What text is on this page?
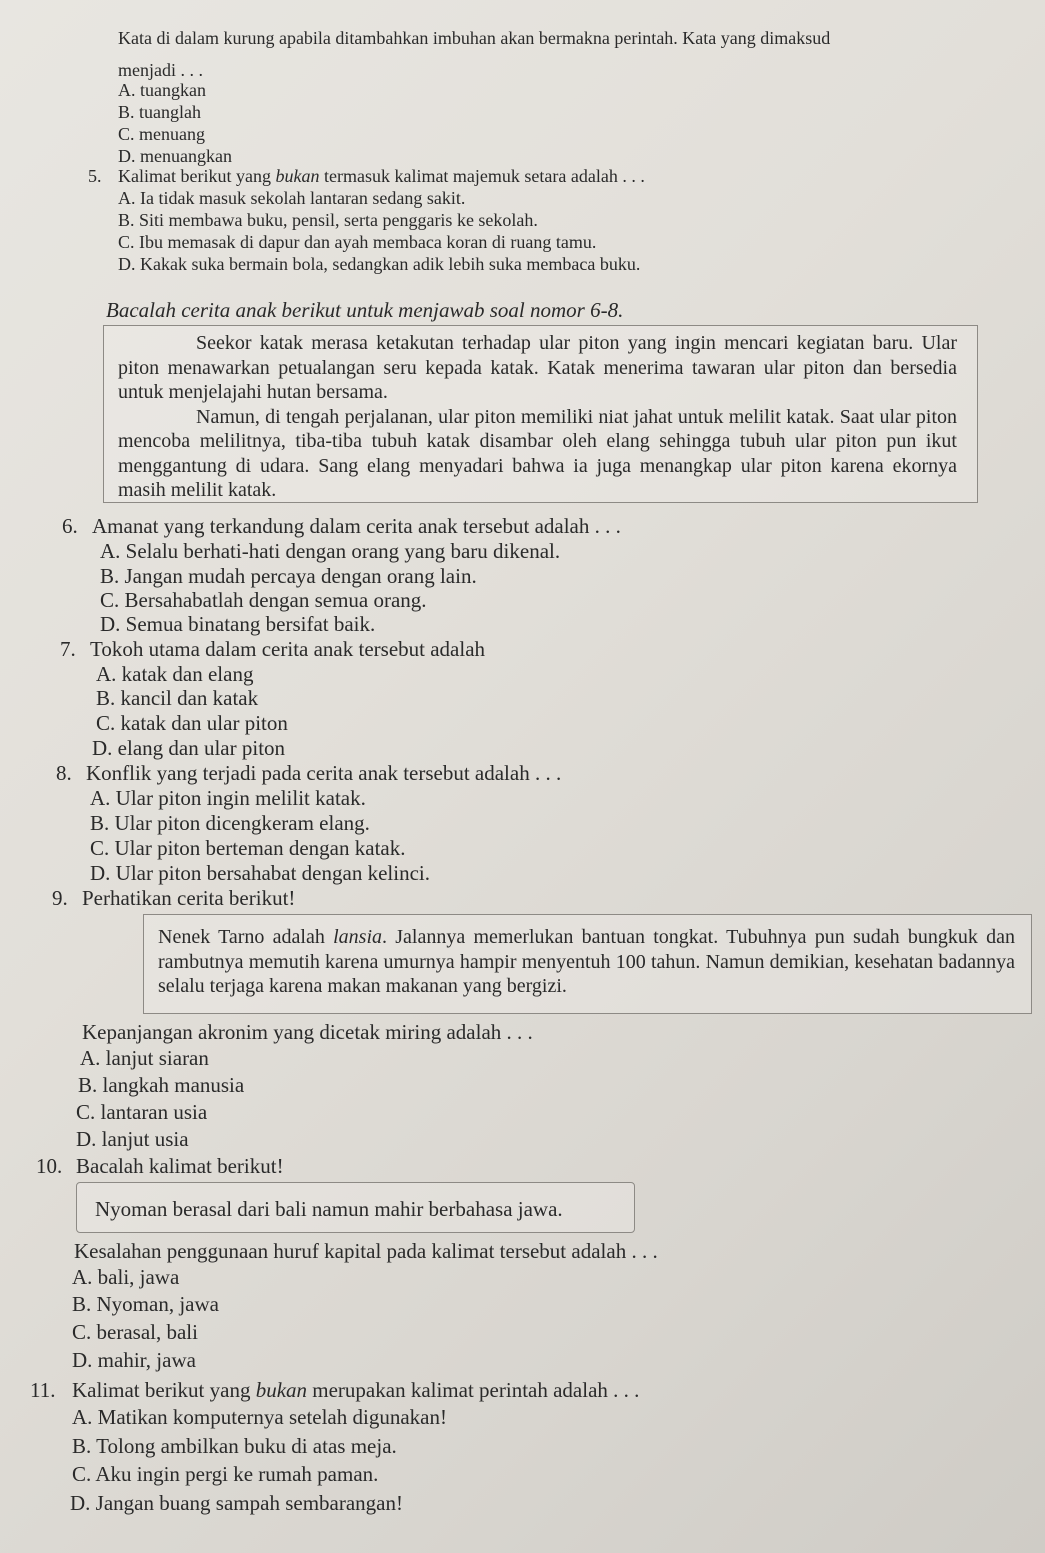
Kata di dalam kurung apabila ditambahkan imbuhan akan bermakna perintah. Kata yang dimaksud
menjadi . . .
A. tuangkan
B. tuanglah
C. menuang
D. menuangkan
5. Kalimat berikut yang bukan termasuk kalimat majemuk setara adalah . . .
A. Ia tidak masuk sekolah lantaran sedang sakit.
B. Siti membawa buku, pensil, serta penggaris ke sekolah.
C. Ibu memasak di dapur dan ayah membaca koran di ruang tamu.
D. Kakak suka bermain bola, sedangkan adik lebih suka membaca buku.
Bacalah cerita anak berikut untuk menjawab soal nomor 6-8.

Seekor katak merasa ketakutan terhadap ular piton yang ingin mencari kegiatan baru. Ular piton menawarkan petualangan seru kepada katak. Katak menerima tawaran ular piton dan bersedia untuk menjelajahi hutan bersama.

Namun, di tengah perjalanan, ular piton memiliki niat jahat untuk melilit katak. Saat ular piton mencoba melilitnya, tiba-tiba tubuh katak disambar oleh elang sehingga tubuh ular piton pun ikut menggantung di udara. Sang elang menyadari bahwa ia juga menangkap ular piton karena ekornya masih melilit katak.

6. Amanat yang terkandung dalam cerita anak tersebut adalah . . .
A. Selalu berhati-hati dengan orang yang baru dikenal.
B. Jangan mudah percaya dengan orang lain.
C. Bersahabatlah dengan semua orang.
D. Semua binatang bersifat baik.
7. Tokoh utama dalam cerita anak tersebut adalah
A. katak dan elang
B. kancil dan katak
C. katak dan ular piton
D. elang dan ular piton
8. Konflik yang terjadi pada cerita anak tersebut adalah . . .
A. Ular piton ingin melilit katak.
B. Ular piton dicengkeram elang.
C. Ular piton berteman dengan katak.
D. Ular piton bersahabat dengan kelinci.
9. Perhatikan cerita berikut!

Nenek Tarno adalah lansia. Jalannya memerlukan bantuan tongkat. Tubuhnya pun sudah bungkuk dan rambutnya memutih karena umurnya hampir menyentuh 100 tahun. Namun demikian, kesehatan badannya selalu terjaga karena makan makanan yang bergizi.

Kepanjangan akronim yang dicetak miring adalah . . .
A. lanjut siaran
B. langkah manusia
C. lantaran usia
D. lanjut usia
10. Bacalah kalimat berikut!
Nyoman berasal dari bali namun mahir berbahasa jawa.
Kesalahan penggunaan huruf kapital pada kalimat tersebut adalah . . .
A. bali, jawa
B. Nyoman, jawa
C. berasal, bali
D. mahir, jawa
11. Kalimat berikut yang bukan merupakan kalimat perintah adalah . . .
A. Matikan komputernya setelah digunakan!
B. Tolong ambilkan buku di atas meja.
C. Aku ingin pergi ke rumah paman.
D. Jangan buang sampah sembarangan!
